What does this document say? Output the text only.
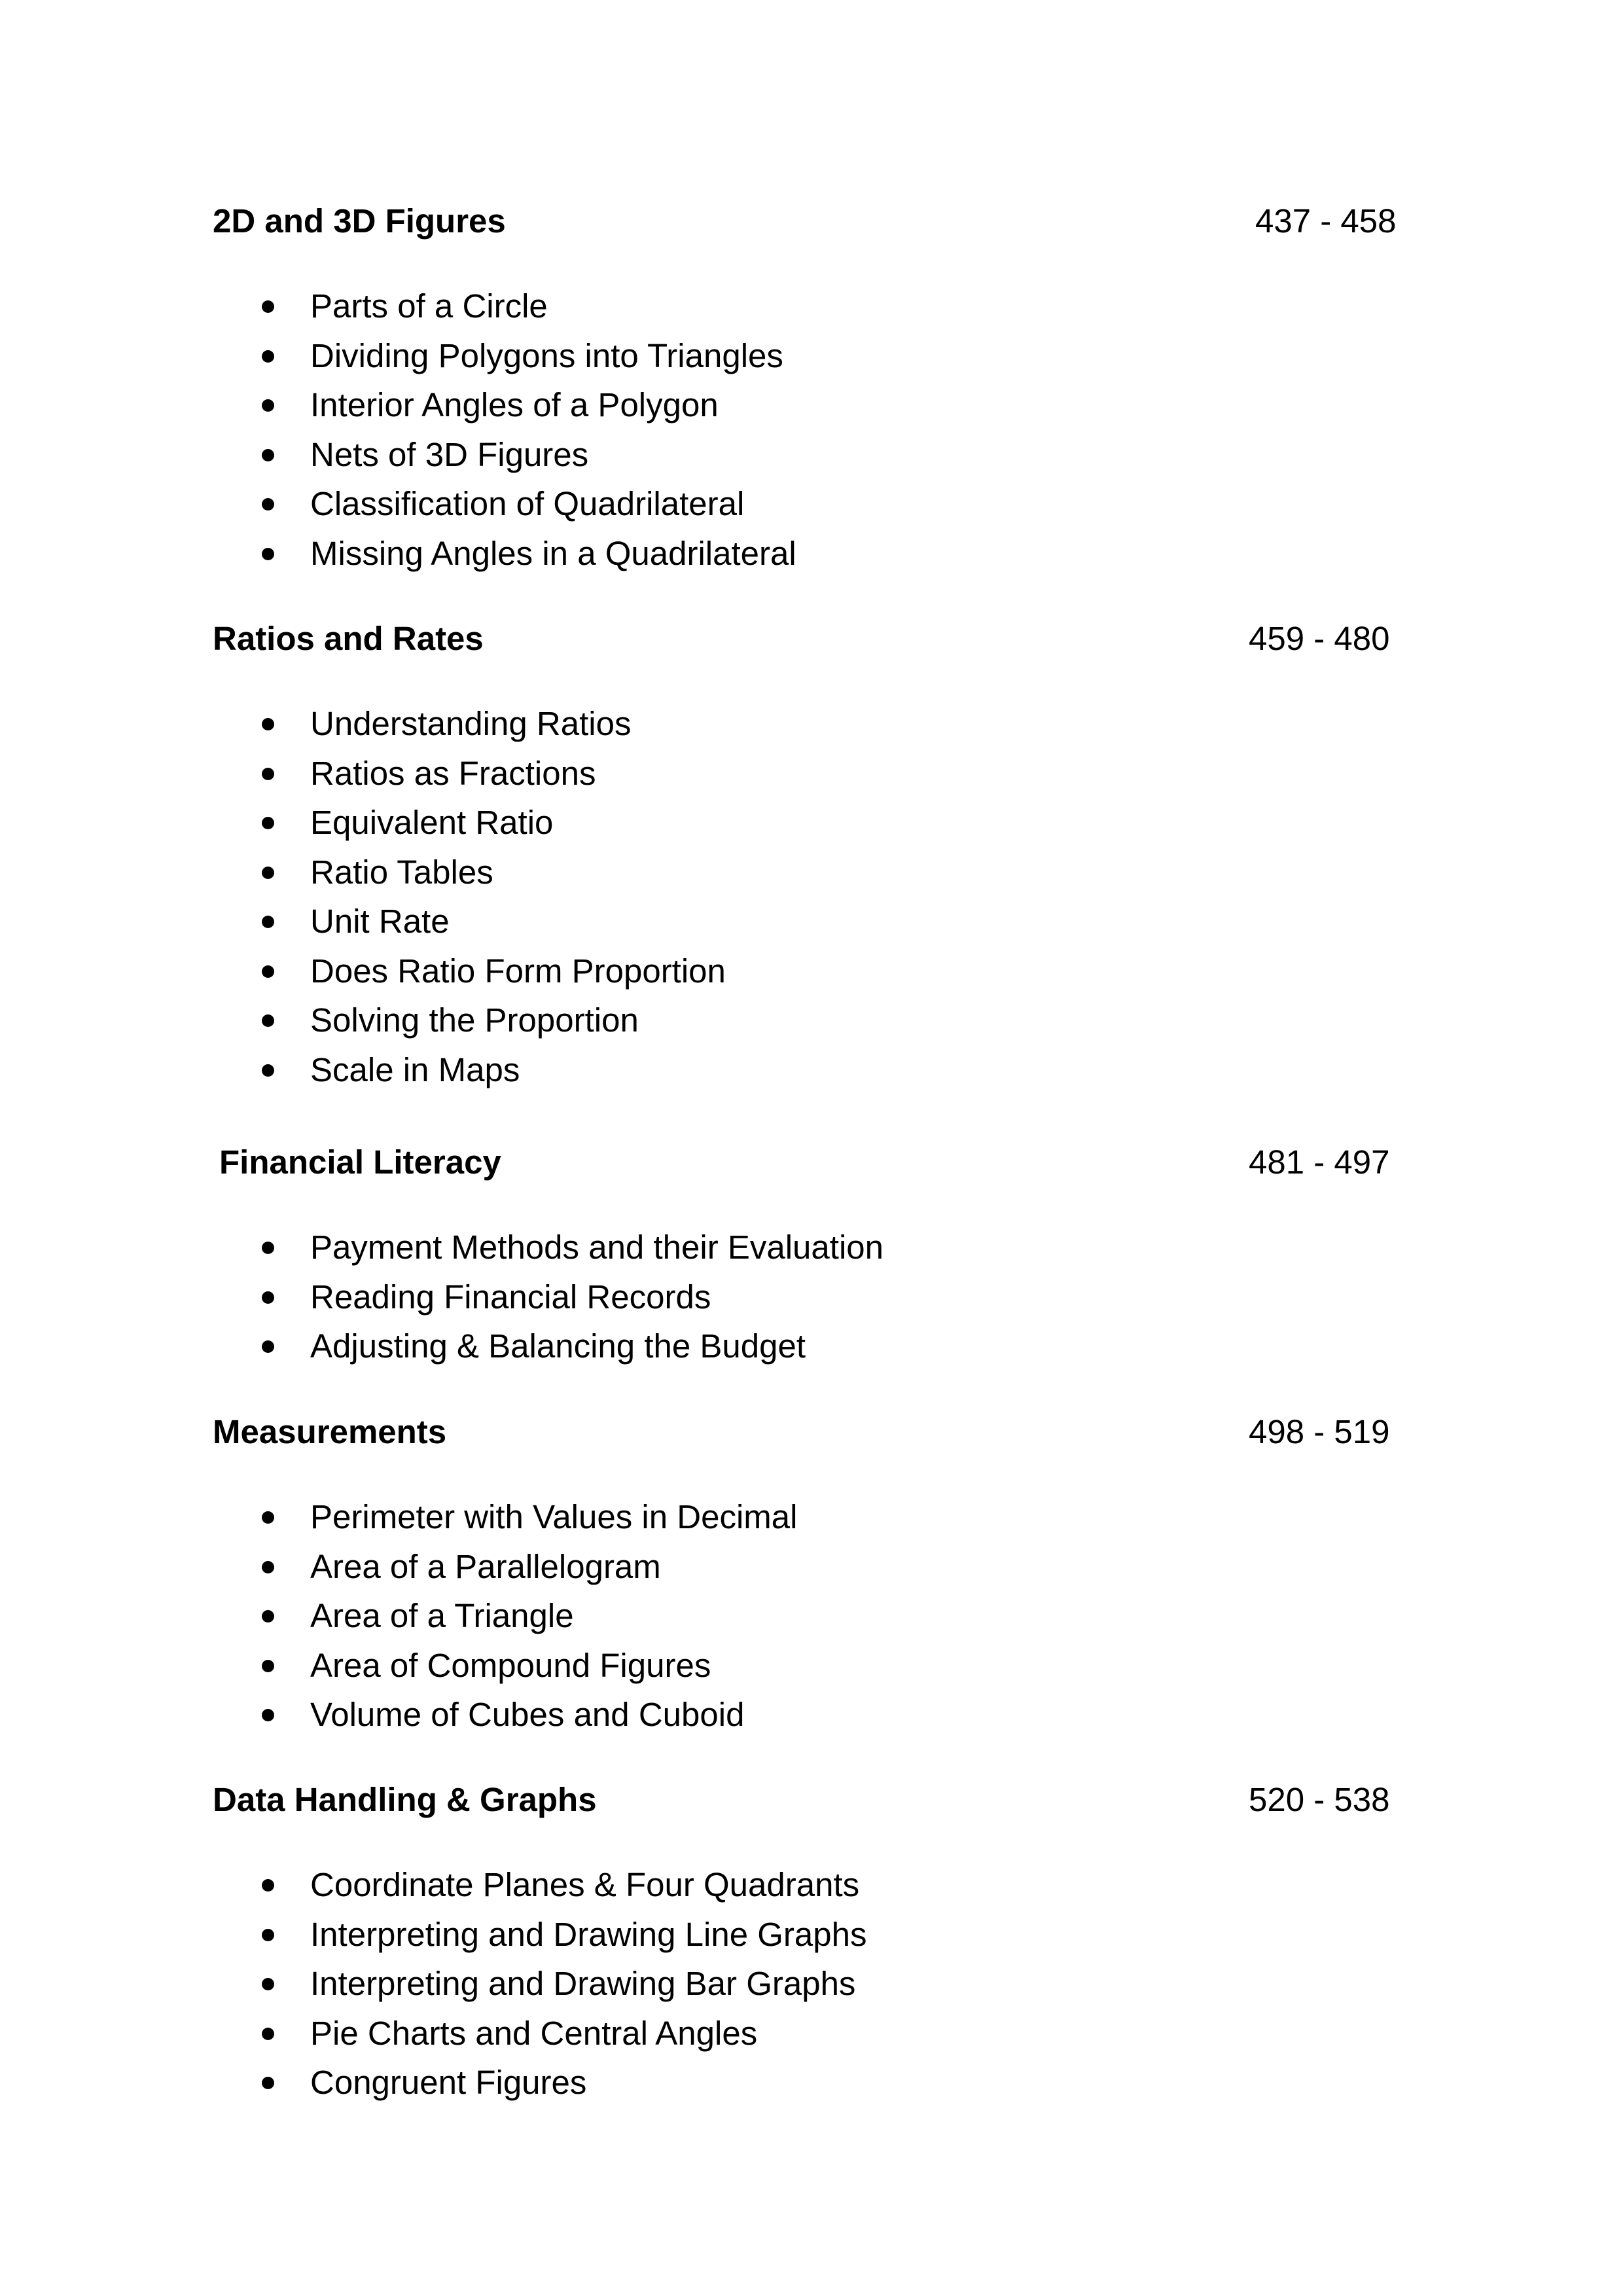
2D and 3D Figures	437 - 458
Parts of a Circle
Dividing Polygons into Triangles
Interior Angles of a Polygon
Nets of 3D Figures
Classification of Quadrilateral
Missing Angles in a Quadrilateral
Ratios and Rates	459 - 480
Understanding Ratios
Ratios as Fractions
Equivalent Ratio
Ratio Tables
Unit Rate
Does Ratio Form Proportion
Solving the Proportion
Scale in Maps
Financial Literacy	481 - 497
Payment Methods and their Evaluation
Reading Financial Records
Adjusting & Balancing the Budget
Measurements	498 - 519
Perimeter with Values in Decimal
Area of a Parallelogram
Area of a Triangle
Area of Compound Figures
Volume of Cubes and Cuboid
Data Handling & Graphs	520 - 538
Coordinate Planes & Four Quadrants
Interpreting and Drawing Line Graphs
Interpreting and Drawing Bar Graphs
Pie Charts and Central Angles
Congruent Figures
